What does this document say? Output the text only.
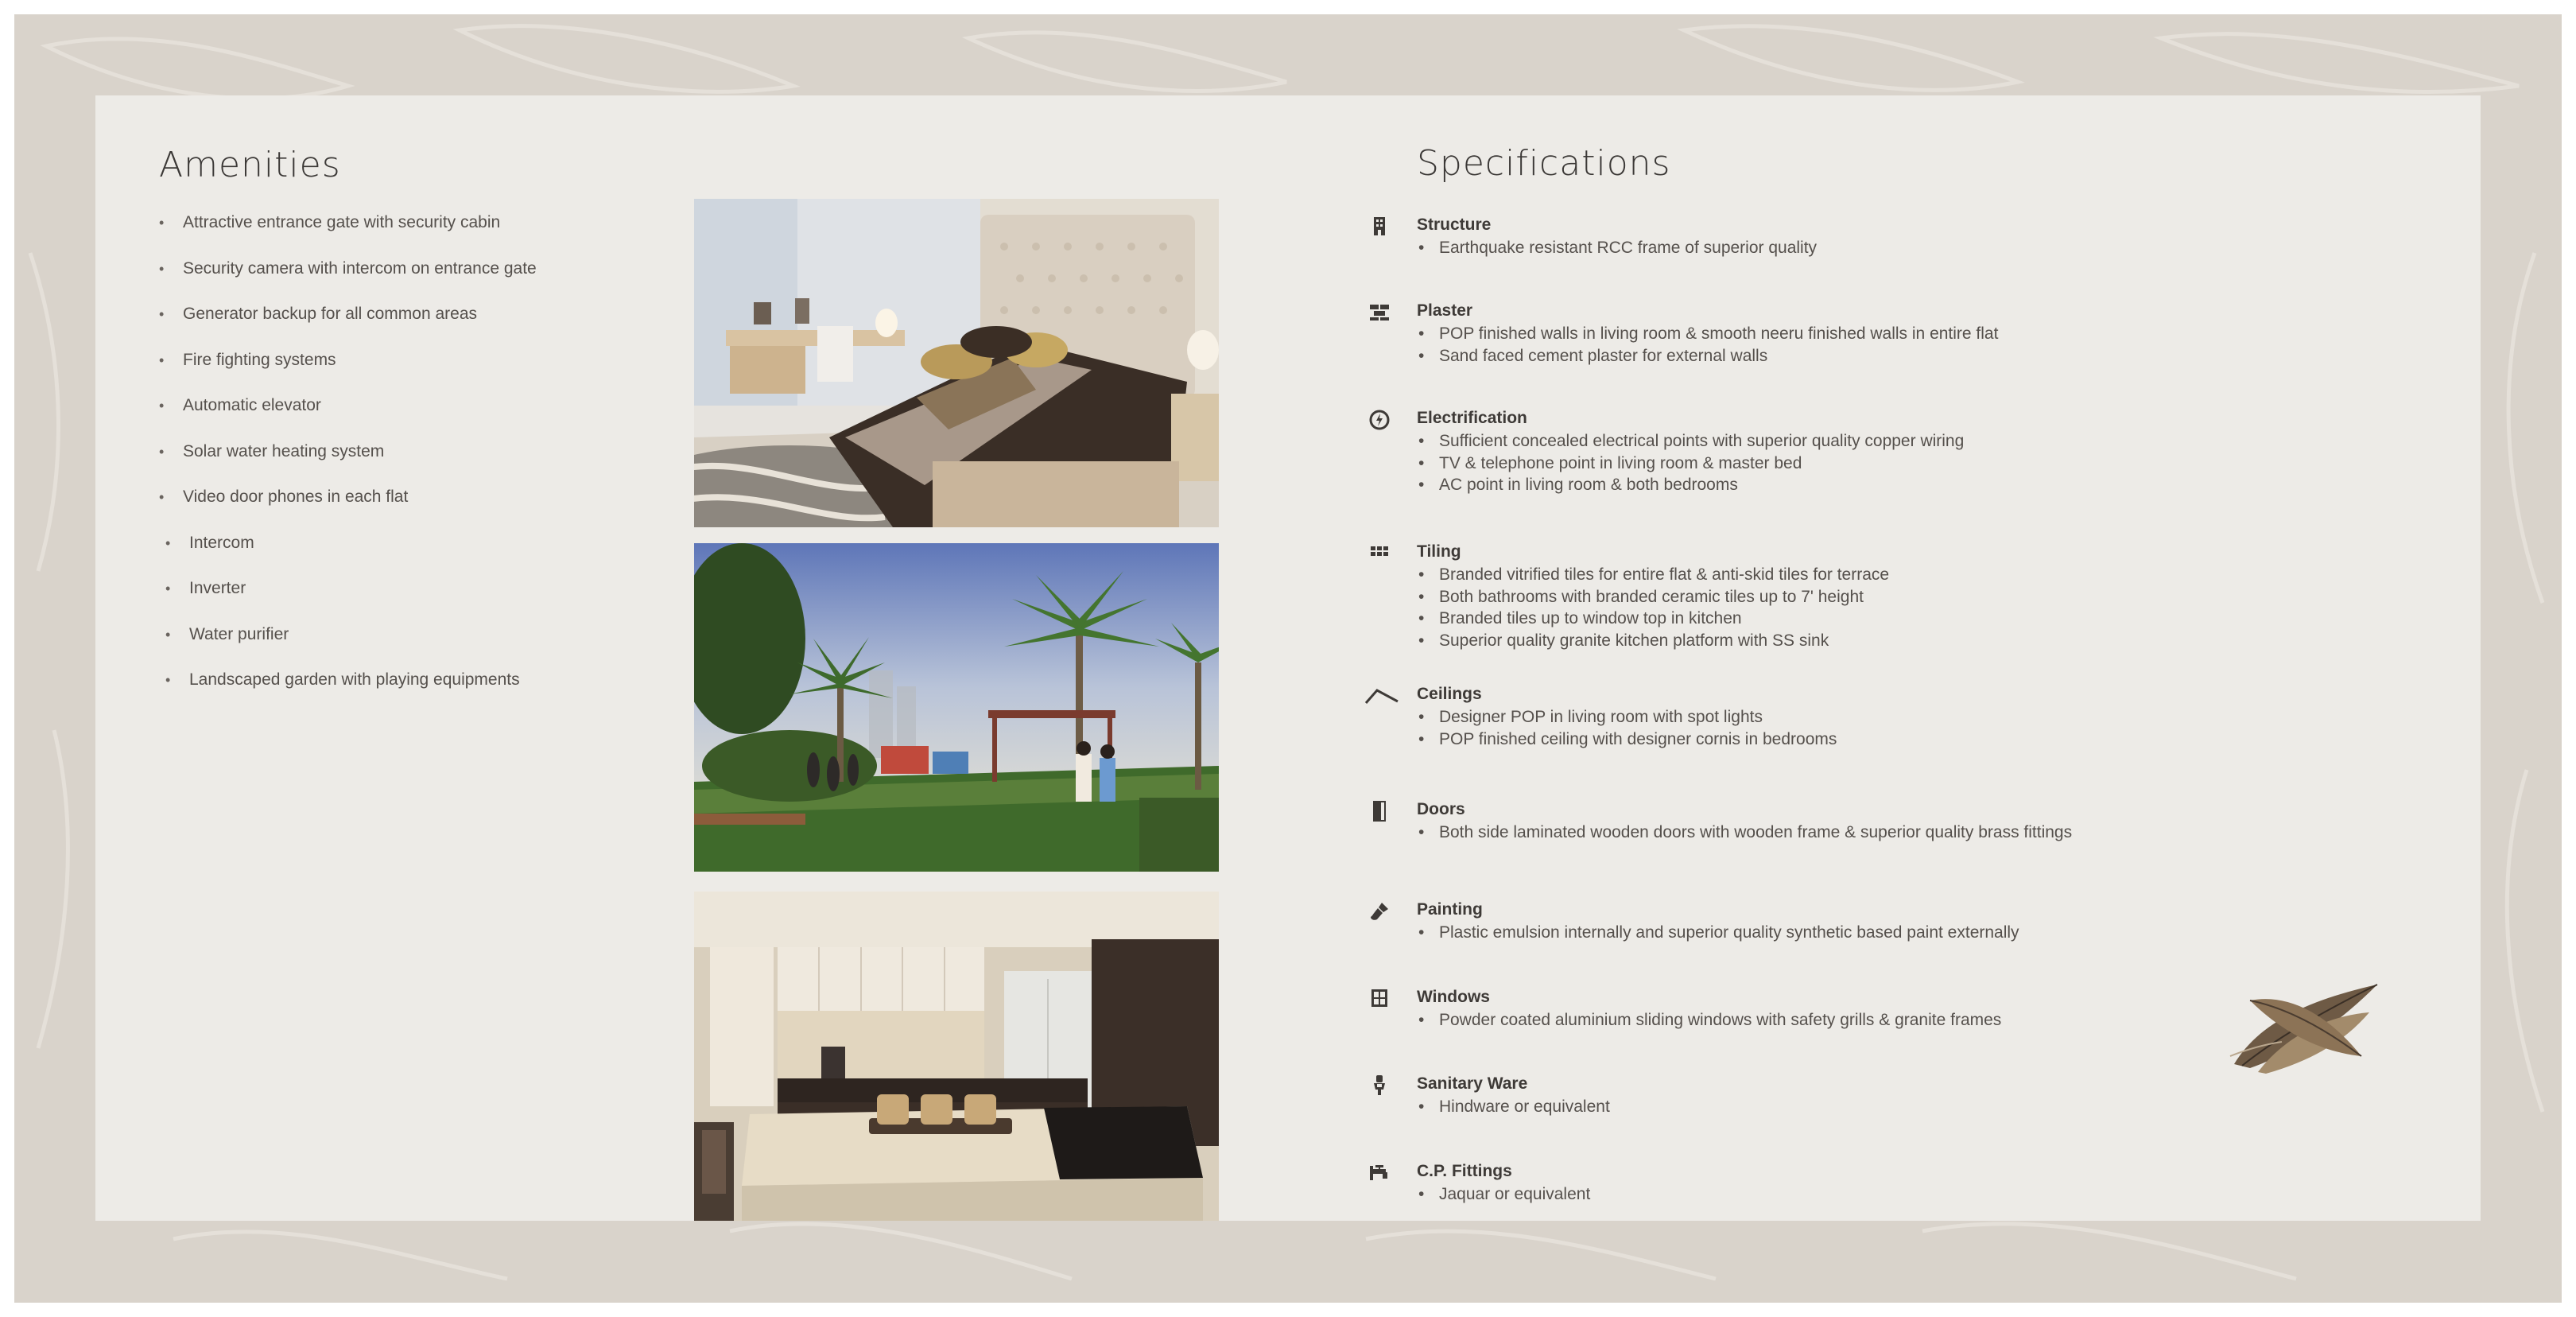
Amenities
• Attractive entrance gate with security cabin
• Security camera with intercom on entrance gate
• Generator backup for all common areas
• Fire fighting systems
• Automatic elevator
• Solar water heating system
• Video door phones in each flat
• Intercom
• Inverter
• Water purifier
• Landscaped garden with playing equipments
Specifications
Structure
• Earthquake resistant RCC frame of superior quality
Plaster
• POP finished walls in living room & smooth neeru finished walls in entire flat
• Sand faced cement plaster for external walls
Electrification
• Sufficient concealed electrical points with superior quality copper wiring
• TV & telephone point in living room & master bed
• AC point in living room & both bedrooms
Tiling
• Branded vitrified tiles for entire flat & anti-skid tiles for terrace
• Both bathrooms with branded ceramic tiles up to 7' height
• Branded tiles up to window top in kitchen
• Superior quality granite kitchen platform with SS sink
Ceilings
• Designer POP in living room with spot lights
• POP finished ceiling with designer cornis in bedrooms
Doors
• Both side laminated wooden doors with wooden frame & superior quality brass fittings
Painting
• Plastic emulsion internally and superior quality synthetic based paint externally
Windows
• Powder coated aluminium sliding windows with safety grills & granite frames
Sanitary Ware
• Hindware or equivalent
C.P. Fittings
• Jaquar or equivalent
